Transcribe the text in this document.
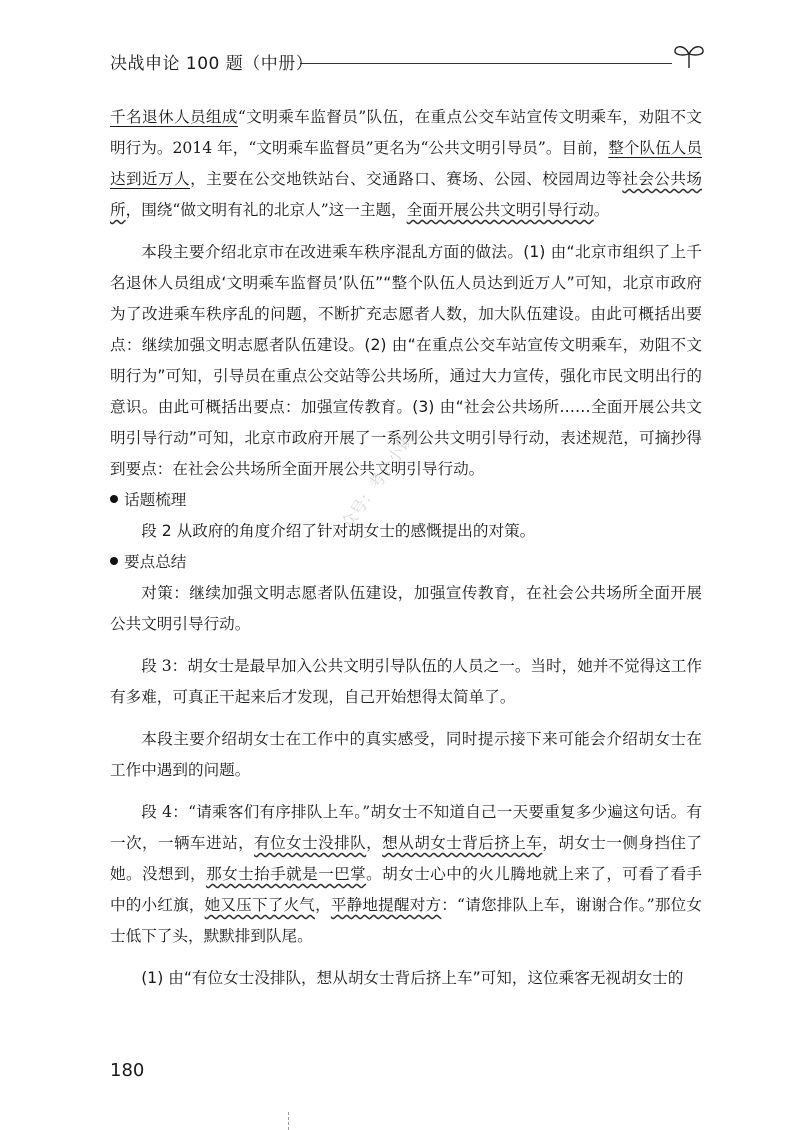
决战申论 100 题（中册）

千名退休人员组成“文明乘车监督员”队伍，在重点公交车站宣传文明乘车，劝阻不文明行为。2014 年，“文明乘车监督员”更名为“公共文明引导员”。目前，整个队伍人员达到近万人，主要在公交地铁站台、交通路口、赛场、公园、校园周边等社会公共场所，围绕“做文明有礼的北京人”这一主题，全面开展公共文明引导行动。

本段主要介绍北京市在改进乘车秩序混乱方面的做法。(1) 由“北京市组织了上千名退休人员组成‘文明乘车监督员’队伍”“整个队伍人员达到近万人”可知，北京市政府为了改进乘车秩序乱的问题，不断扩充志愿者人数，加大队伍建设。由此可概括出要点：继续加强文明志愿者队伍建设。(2) 由“在重点公交车站宣传文明乘车，劝阻不文明行为”可知，引导员在重点公交站等公共场所，通过大力宣传，强化市民文明出行的意识。由此可概括出要点：加强宣传教育。(3) 由“社会公共场所……全面开展公共文明引导行动”可知，北京市政府开展了一系列公共文明引导行动，表述规范，可摘抄得到要点：在社会公共场所全面开展公共文明引导行动。

话题梳理

段 2 从政府的角度介绍了针对胡女士的感慨提出的对策。

要点总结

对策：继续加强文明志愿者队伍建设，加强宣传教育，在社会公共场所全面开展公共文明引导行动。

段 3：胡女士是最早加入公共文明引导队伍的人员之一。当时，她并不觉得这工作有多难，可真正干起来后才发现，自己开始想得太简单了。

本段主要介绍胡女士在工作中的真实感受，同时提示接下来可能会介绍胡女士在工作中遇到的问题。

段 4：“请乘客们有序排队上车。”胡女士不知道自己一天要重复多少遍这句话。有一次，一辆车进站，有位女士没排队，想从胡女士背后挤上车，胡女士一侧身挡住了她。没想到，那女士抬手就是一巴掌。胡女士心中的火儿腾地就上来了，可看了看手中的小红旗，她又压下了火气，平静地提醒对方：“请您排队上车，谢谢合作。”那位女士低下了头，默默排到队尾。

(1) 由“有位女士没排队，想从胡女士背后挤上车”可知，这位乘客无视胡女士的

众号：考公小镇
180
